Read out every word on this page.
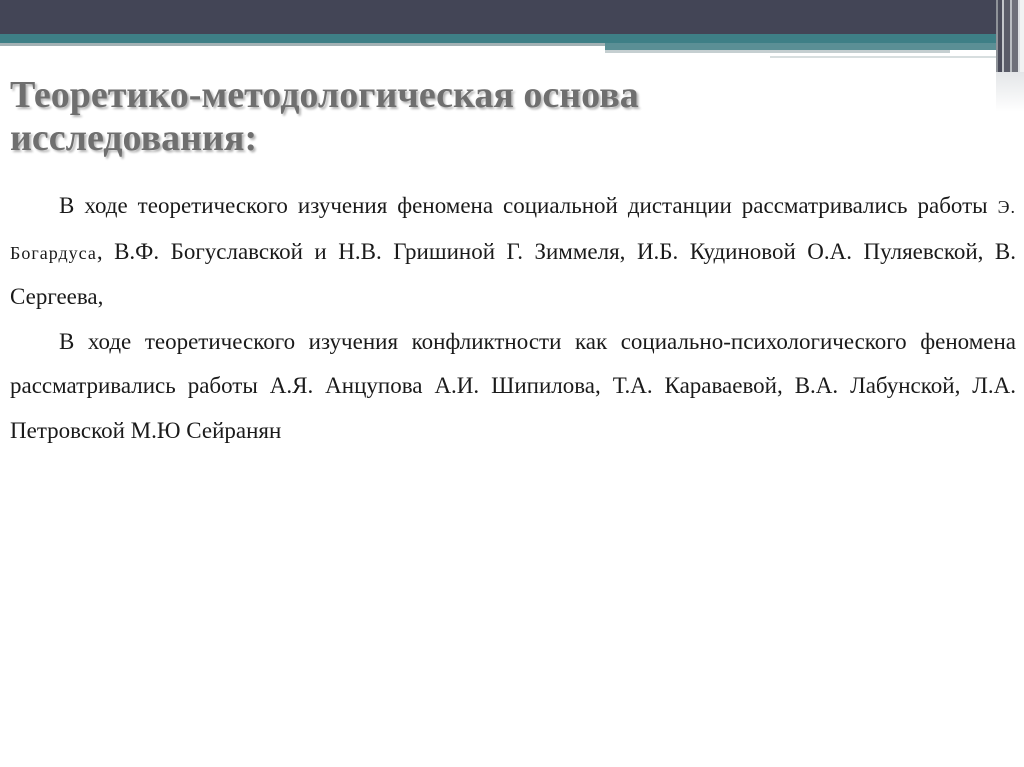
Теоретико-методологическая основа исследования:

В ходе теоретического изучения феномена социальной дистанции рассматривались работы Э. Богардуса, В.Ф. Богуславской и Н.В. Гришиной Г. Зиммеля, И.Б. Кудиновой О.А. Пуляевской, В. Сергеева,

В ходе теоретического изучения конфликтности как социально-психологического феномена рассматривались работы А.Я. Анцупова А.И. Шипилова, Т.А. Караваевой, В.А. Лабунской, Л.А. Петровской М.Ю Сейранян
